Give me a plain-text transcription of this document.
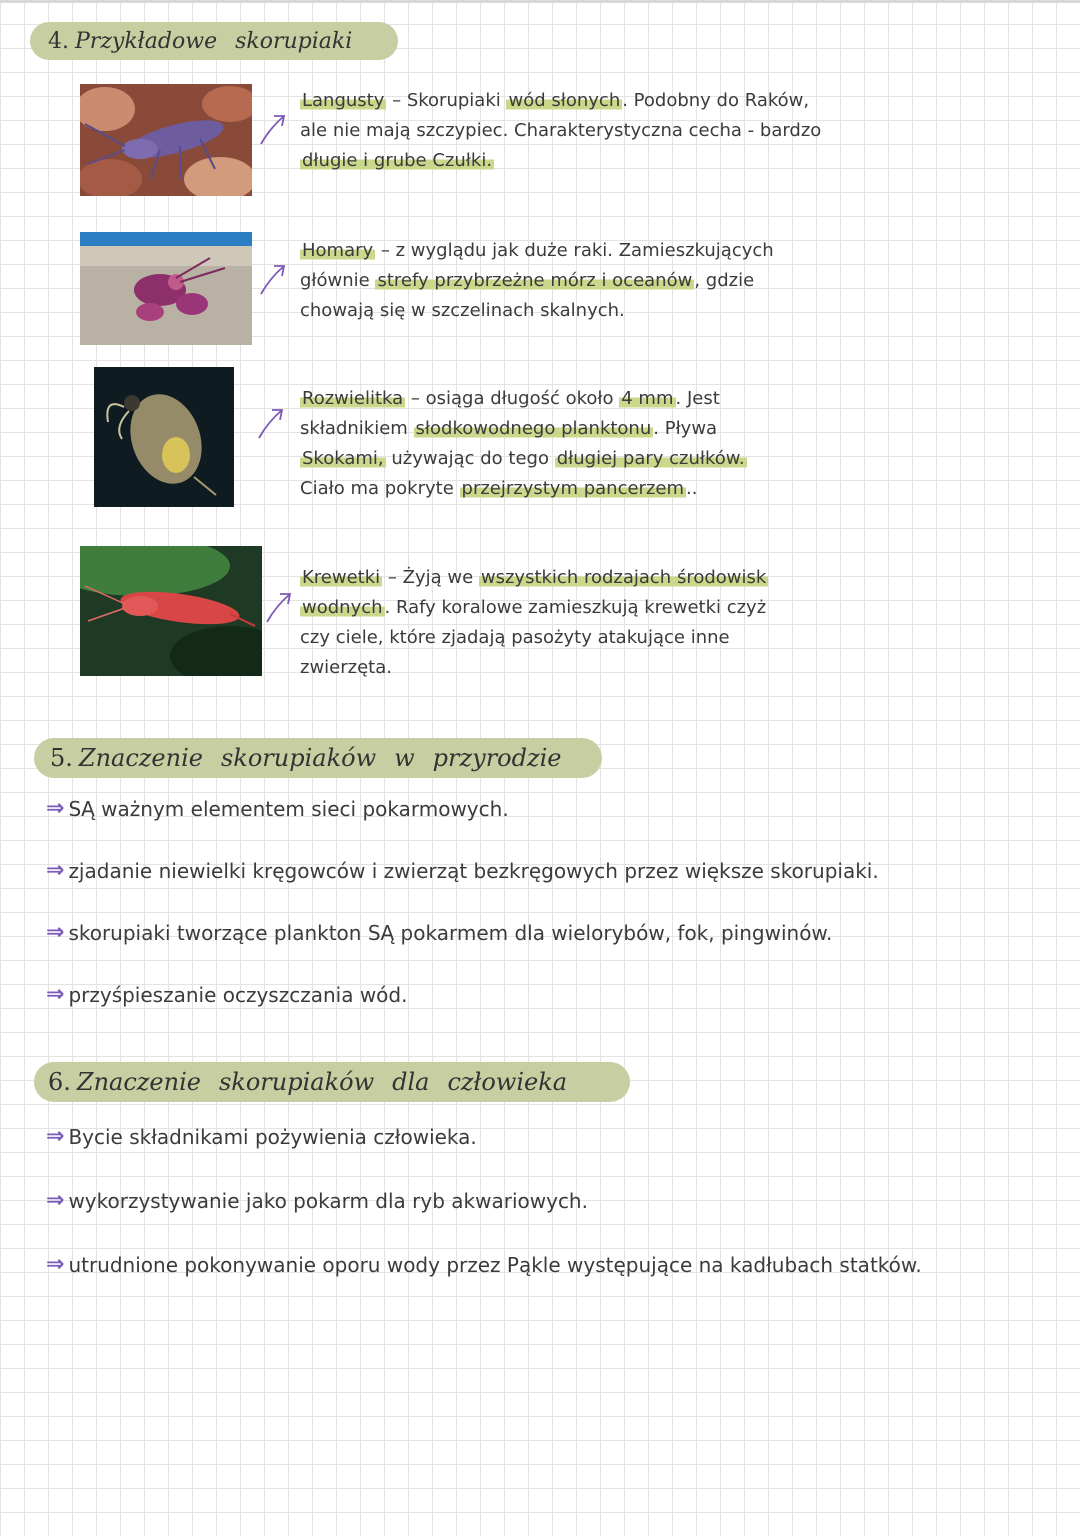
4. Przykładowe skorupiaki
Langusty – Skorupiaki wód słonych . Podobny do Raków,
ale nie mają szczypiec. Charakterystyczna cecha - bardzo
długie i grube Czułki.
Homary – z wyglądu jak duże raki. Zamieszkujących
głównie strefy przybrzeżne mórz i oceanów , gdzie
chowają się w szczelinach skalnych.
Rozwielitka – osiąga długość około 4 mm . Jest
składnikiem słodkowodnego planktonu . Pływa
Skokami, używając do tego długiej pary czułków.
Ciało ma pokryte przejrzystym pancerzem ..
Krewetki – Żyją we wszystkich rodzajach środowisk
wodnych . Rafy koralowe zamieszkują krewetki czyż
czy ciele, które zjadają pasożyty atakujące inne
zwierzęta.
5. Znaczenie skorupiaków w przyrodzie
⇒ SĄ ważnym elementem sieci pokarmowych.
⇒ zjadanie niewielki kręgowców i zwierząt bezkręgowych przez większe skorupiaki.
⇒ skorupiaki tworzące plankton SĄ pokarmem dla wielorybów, fok, pingwinów.
⇒ przyśpieszanie oczyszczania wód.
6. Znaczenie skorupiaków dla człowieka
⇒ Bycie składnikami pożywienia człowieka.
⇒ wykorzystywanie jako pokarm dla ryb akwariowych.
⇒ utrudnione pokonywanie oporu wody przez Pąkle występujące na kadłubach statków.
